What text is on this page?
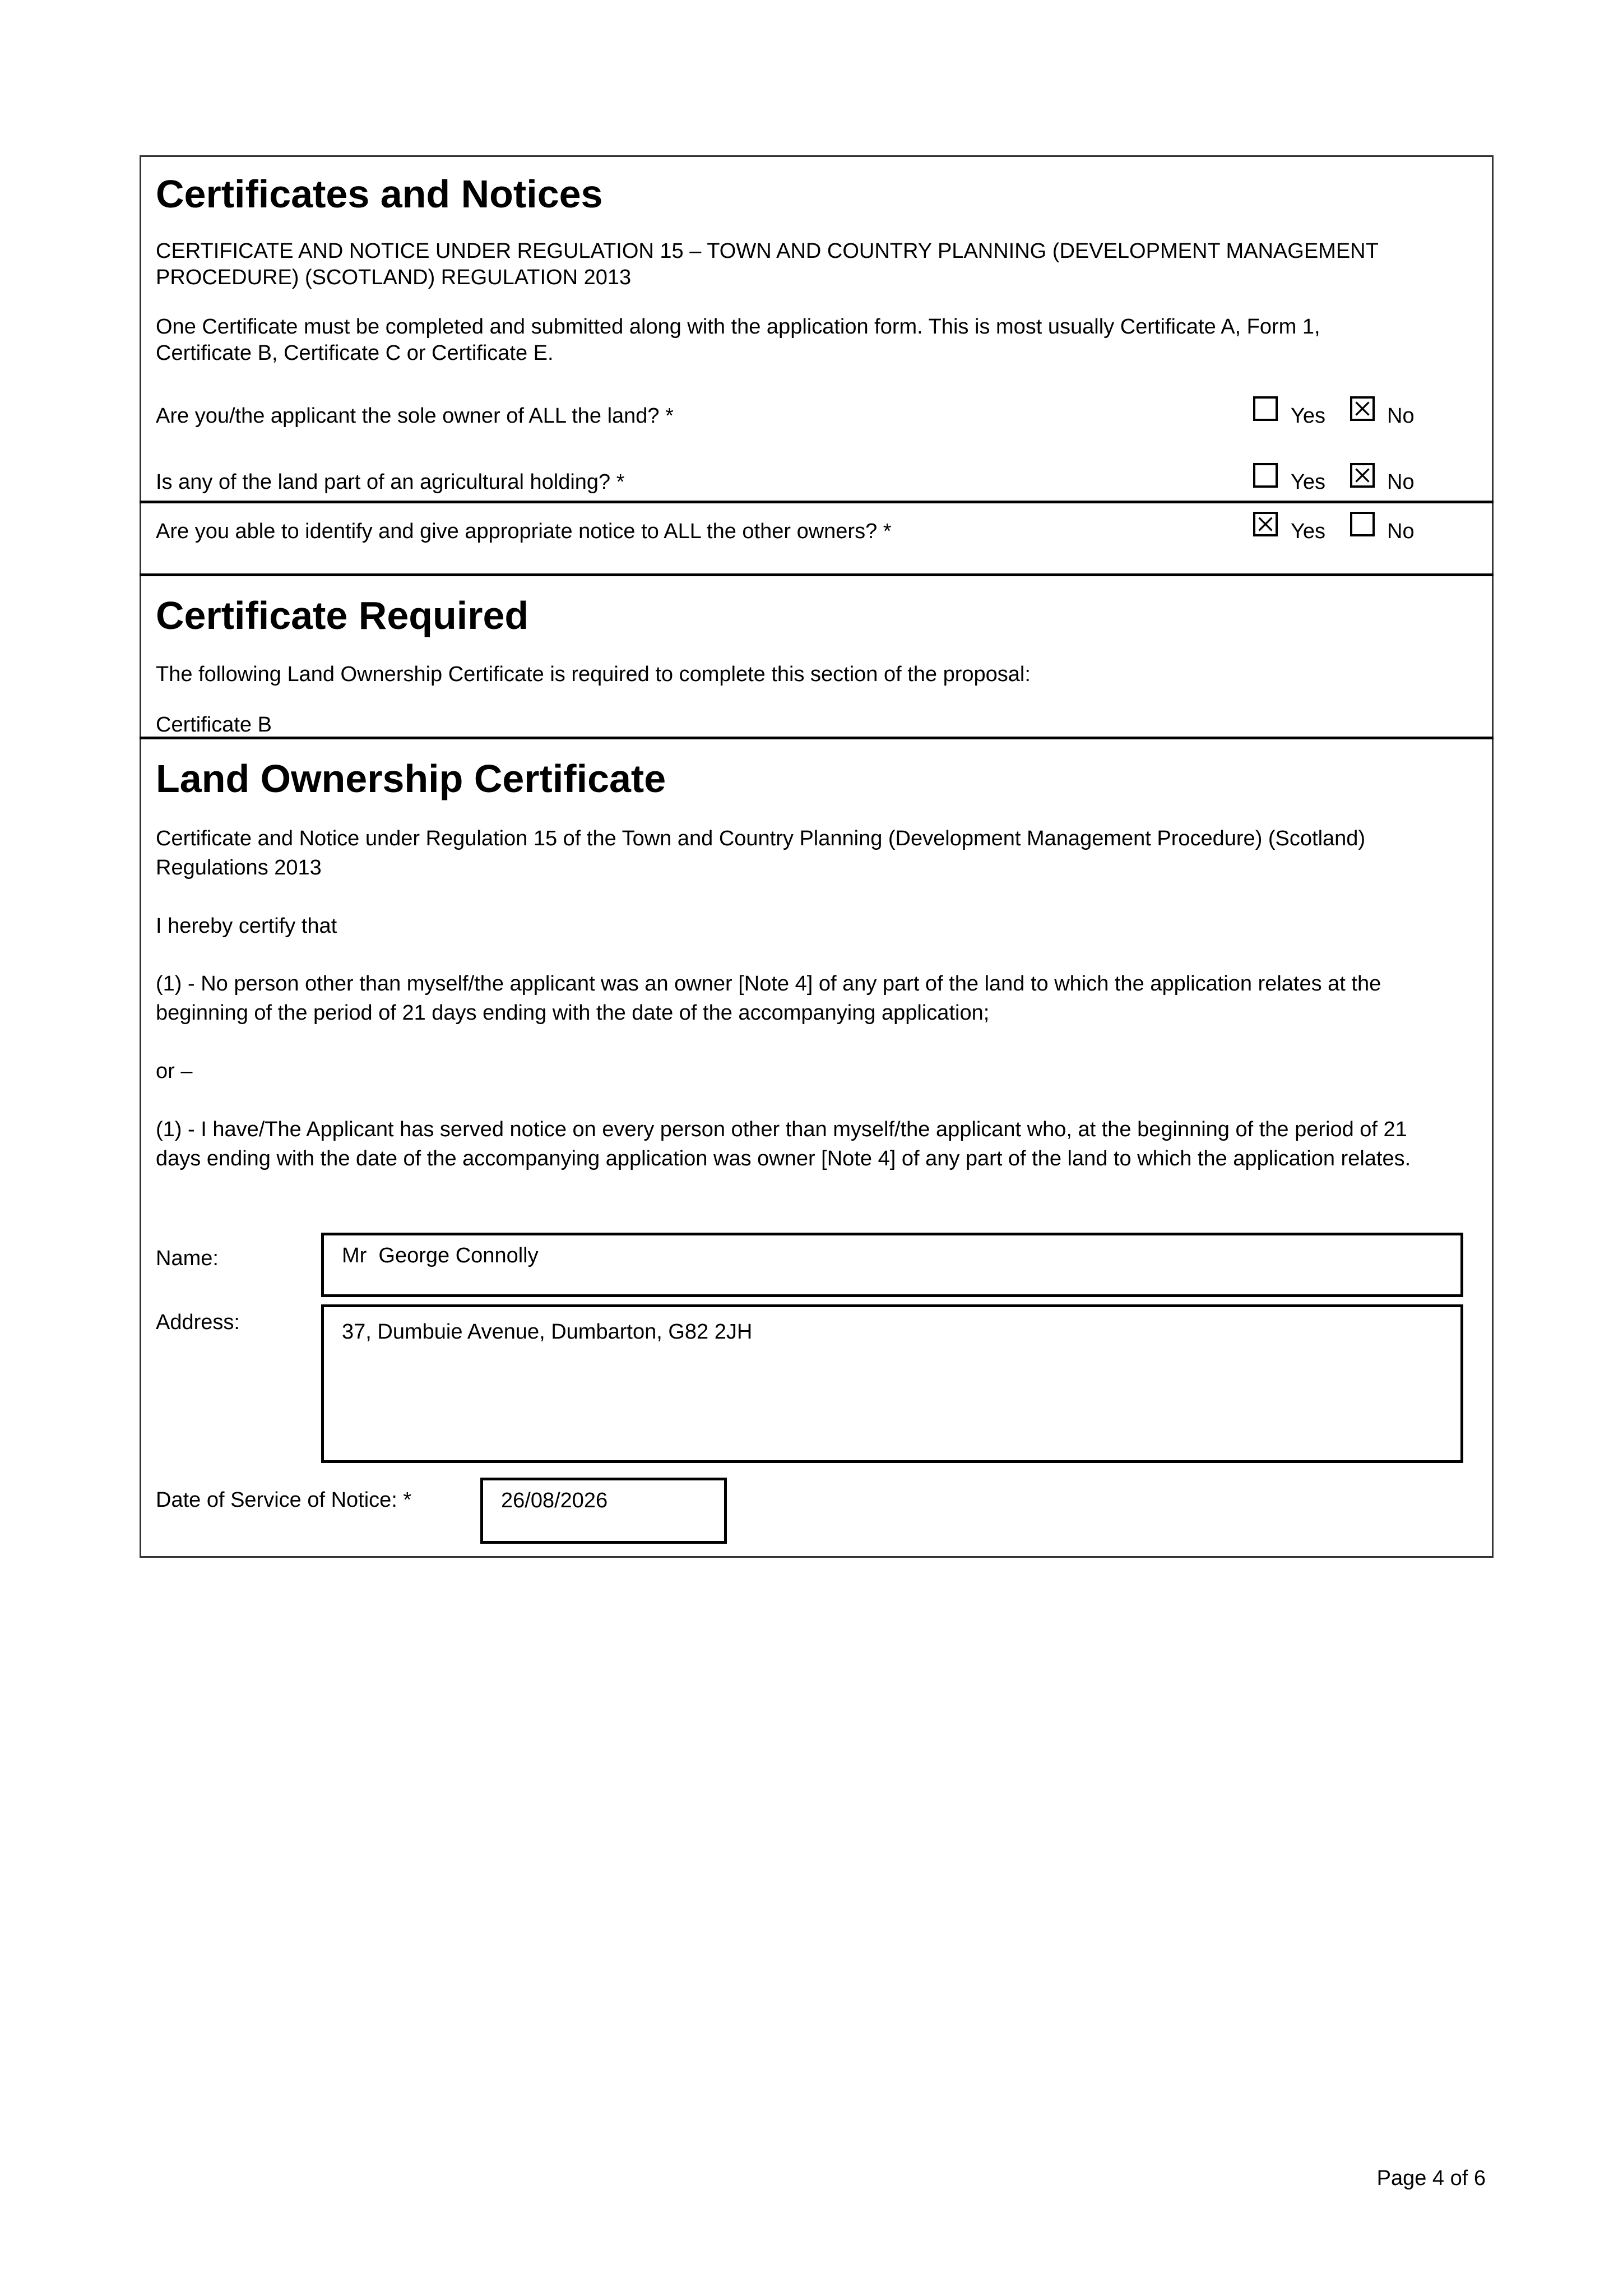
Certificates and Notices
CERTIFICATE AND NOTICE UNDER REGULATION 15 – TOWN AND COUNTRY PLANNING (DEVELOPMENT MANAGEMENT
PROCEDURE) (SCOTLAND) REGULATION 2013
One Certificate must be completed and submitted along with the application form. This is most usually Certificate A, Form 1,
Certificate B, Certificate C or Certificate E.
Are you/the applicant the sole owner of ALL the land? *	Yes	No
Is any of the land part of an agricultural holding? *	Yes	No
Are you able to identify and give appropriate notice to ALL the other owners? *	Yes	No
Certificate Required
The following Land Ownership Certificate is required to complete this section of the proposal:
Certificate B
Land Ownership Certificate
Certificate and Notice under Regulation 15 of the Town and Country Planning (Development Management Procedure) (Scotland)
Regulations 2013
I hereby certify that
(1) - No person other than myself/the applicant was an owner [Note 4] of any part of the land to which the application relates at the
beginning of the period of 21 days ending with the date of the accompanying application;
or –
(1) - I have/The Applicant has served notice on every person other than myself/the applicant who, at the beginning of the period of 21
days ending with the date of the accompanying application was owner [Note 4] of any part of the land to which the application relates.
Name:	Mr  George Connolly
Address:	37, Dumbuie Avenue, Dumbarton, G82 2JH
Date of Service of Notice: *	26/08/2026
Page 4 of 6
